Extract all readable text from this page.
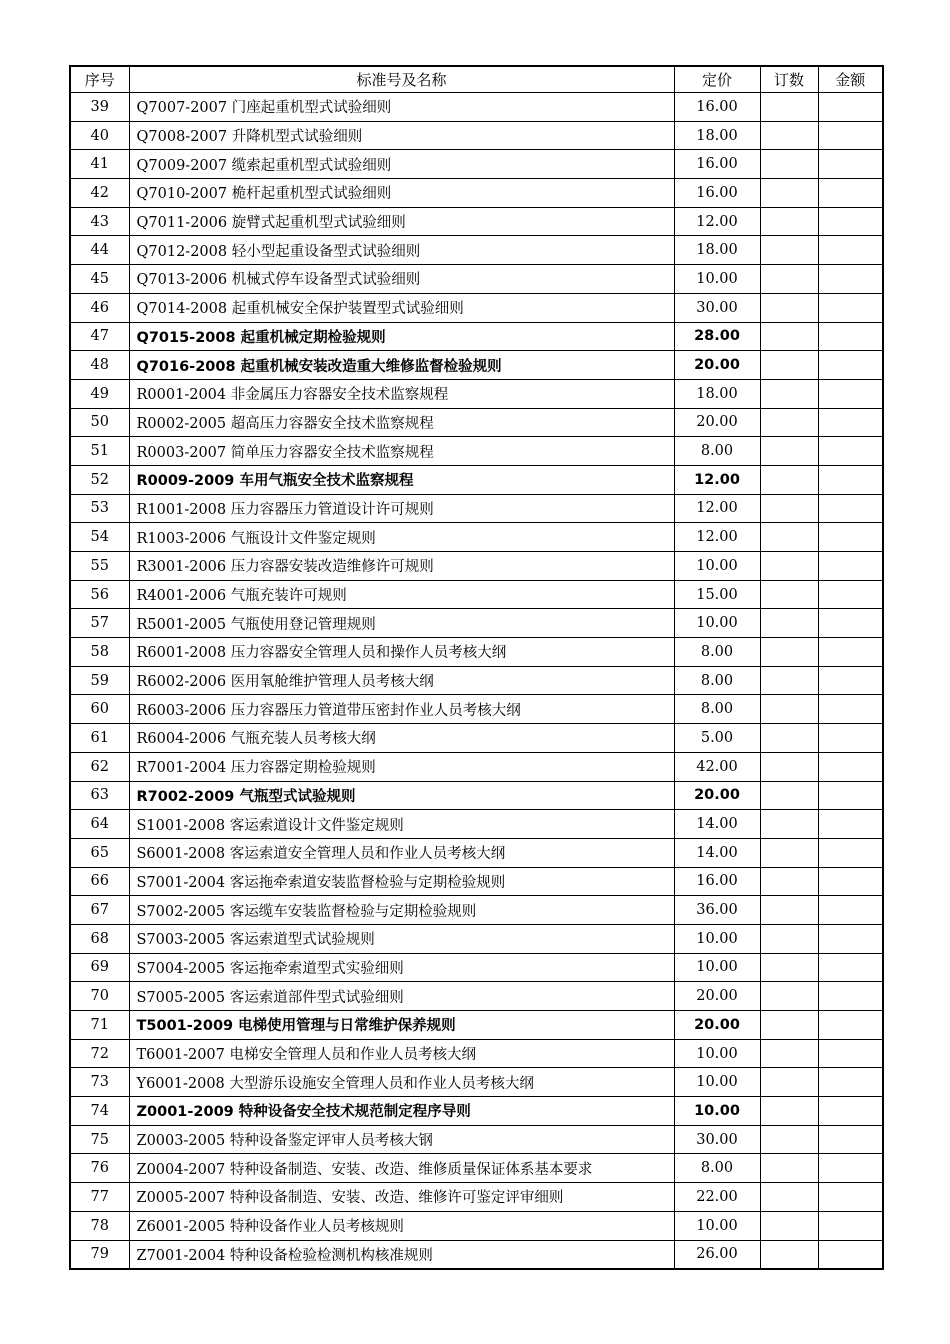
序号	标准号及名称	定价	订数	金额
39	Q7007-2007 门座起重机型式试验细则	16.00		
40	Q7008-2007 升降机型式试验细则	18.00		
41	Q7009-2007 缆索起重机型式试验细则	16.00		
42	Q7010-2007 桅杆起重机型式试验细则	16.00		
43	Q7011-2006 旋臂式起重机型式试验细则	12.00		
44	Q7012-2008 轻小型起重设备型式试验细则	18.00		
45	Q7013-2006 机械式停车设备型式试验细则	10.00		
46	Q7014-2008 起重机械安全保护装置型式试验细则	30.00		
47	Q7015-2008 起重机械定期检验规则	28.00		
48	Q7016-2008 起重机械安装改造重大维修监督检验规则	20.00		
49	R0001-2004 非金属压力容器安全技术监察规程	18.00		
50	R0002-2005 超高压力容器安全技术监察规程	20.00		
51	R0003-2007 简单压力容器安全技术监察规程	8.00		
52	R0009-2009 车用气瓶安全技术监察规程	12.00		
53	R1001-2008 压力容器压力管道设计许可规则	12.00		
54	R1003-2006 气瓶设计文件鉴定规则	12.00		
55	R3001-2006 压力容器安装改造维修许可规则	10.00		
56	R4001-2006 气瓶充装许可规则	15.00		
57	R5001-2005 气瓶使用登记管理规则	10.00		
58	R6001-2008 压力容器安全管理人员和操作人员考核大纲	8.00		
59	R6002-2006 医用氧舱维护管理人员考核大纲	8.00		
60	R6003-2006 压力容器压力管道带压密封作业人员考核大纲	8.00		
61	R6004-2006 气瓶充装人员考核大纲	5.00		
62	R7001-2004 压力容器定期检验规则	42.00		
63	R7002-2009 气瓶型式试验规则	20.00		
64	S1001-2008 客运索道设计文件鉴定规则	14.00		
65	S6001-2008 客运索道安全管理人员和作业人员考核大纲	14.00		
66	S7001-2004 客运拖牵索道安装监督检验与定期检验规则	16.00		
67	S7002-2005 客运缆车安装监督检验与定期检验规则	36.00		
68	S7003-2005 客运索道型式试验规则	10.00		
69	S7004-2005 客运拖牵索道型式实验细则	10.00		
70	S7005-2005 客运索道部件型式试验细则	20.00		
71	T5001-2009 电梯使用管理与日常维护保养规则	20.00		
72	T6001-2007 电梯安全管理人员和作业人员考核大纲	10.00		
73	Y6001-2008 大型游乐设施安全管理人员和作业人员考核大纲	10.00		
74	Z0001-2009 特种设备安全技术规范制定程序导则	10.00		
75	Z0003-2005 特种设备鉴定评审人员考核大钢	30.00		
76	Z0004-2007 特种设备制造、安装、改造、维修质量保证体系基本要求	8.00		
77	Z0005-2007 特种设备制造、安装、改造、维修许可鉴定评审细则	22.00		
78	Z6001-2005 特种设备作业人员考核规则	10.00		
79	Z7001-2004 特种设备检验检测机构核准规则	26.00		
